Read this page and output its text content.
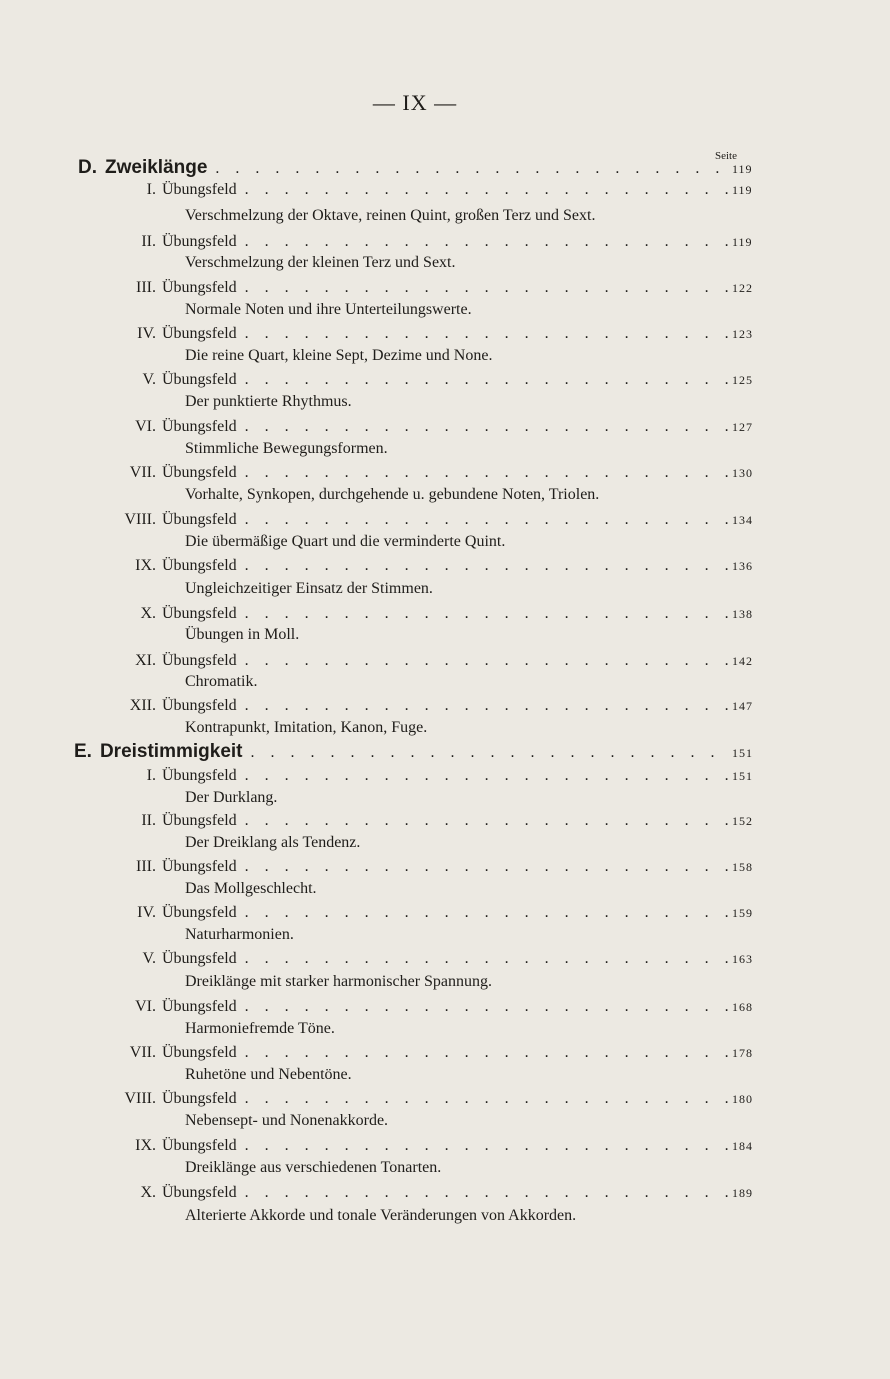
— IX —
Seite
D. Zweiklänge . . .	119
I. Übungsfeld . . .	119
Verschmelzung der Oktave, reinen Quint, großen Terz und Sext.
II. Übungsfeld . . .	119
Verschmelzung der kleinen Terz und Sext.
III. Übungsfeld . . .	122
Normale Noten und ihre Unterteilungswerte.
IV. Übungsfeld . . .	123
Die reine Quart, kleine Sept, Dezime und None.
V. Übungsfeld . . .	125
Der punktierte Rhythmus.
VI. Übungsfeld . . .	127
Stimmliche Bewegungsformen.
VII. Übungsfeld . . .	130
Vorhalte, Synkopen, durchgehende u. gebundene Noten, Triolen.
VIII. Übungsfeld . . .	134
Die übermäßige Quart und die verminderte Quint.
IX. Übungsfeld . . .	136
Ungleichzeitiger Einsatz der Stimmen.
X. Übungsfeld . . .	138
Übungen in Moll.
XI. Übungsfeld . . .	142
Chromatik.
XII. Übungsfeld . . .	147
Kontrapunkt, Imitation, Kanon, Fuge.
E. Dreistimmigkeit . . .	151
I. Übungsfeld . . .	151
Der Durklang.
II. Übungsfeld . . .	152
Der Dreiklang als Tendenz.
III. Übungsfeld . . .	158
Das Mollgeschlecht.
IV. Übungsfeld . . .	159
Naturharmonien.
V. Übungsfeld . . .	163
Dreiklänge mit starker harmonischer Spannung.
VI. Übungsfeld . . .	168
Harmoniefremde Töne.
VII. Übungsfeld . . .	178
Ruhetöne und Nebentöne.
VIII. Übungsfeld . . .	180
Nebensept- und Nonenakkorde.
IX. Übungsfeld . . .	184
Dreiklänge aus verschiedenen Tonarten.
X. Übungsfeld . . .	189
Alterierte Akkorde und tonale Veränderungen von Akkorden.
